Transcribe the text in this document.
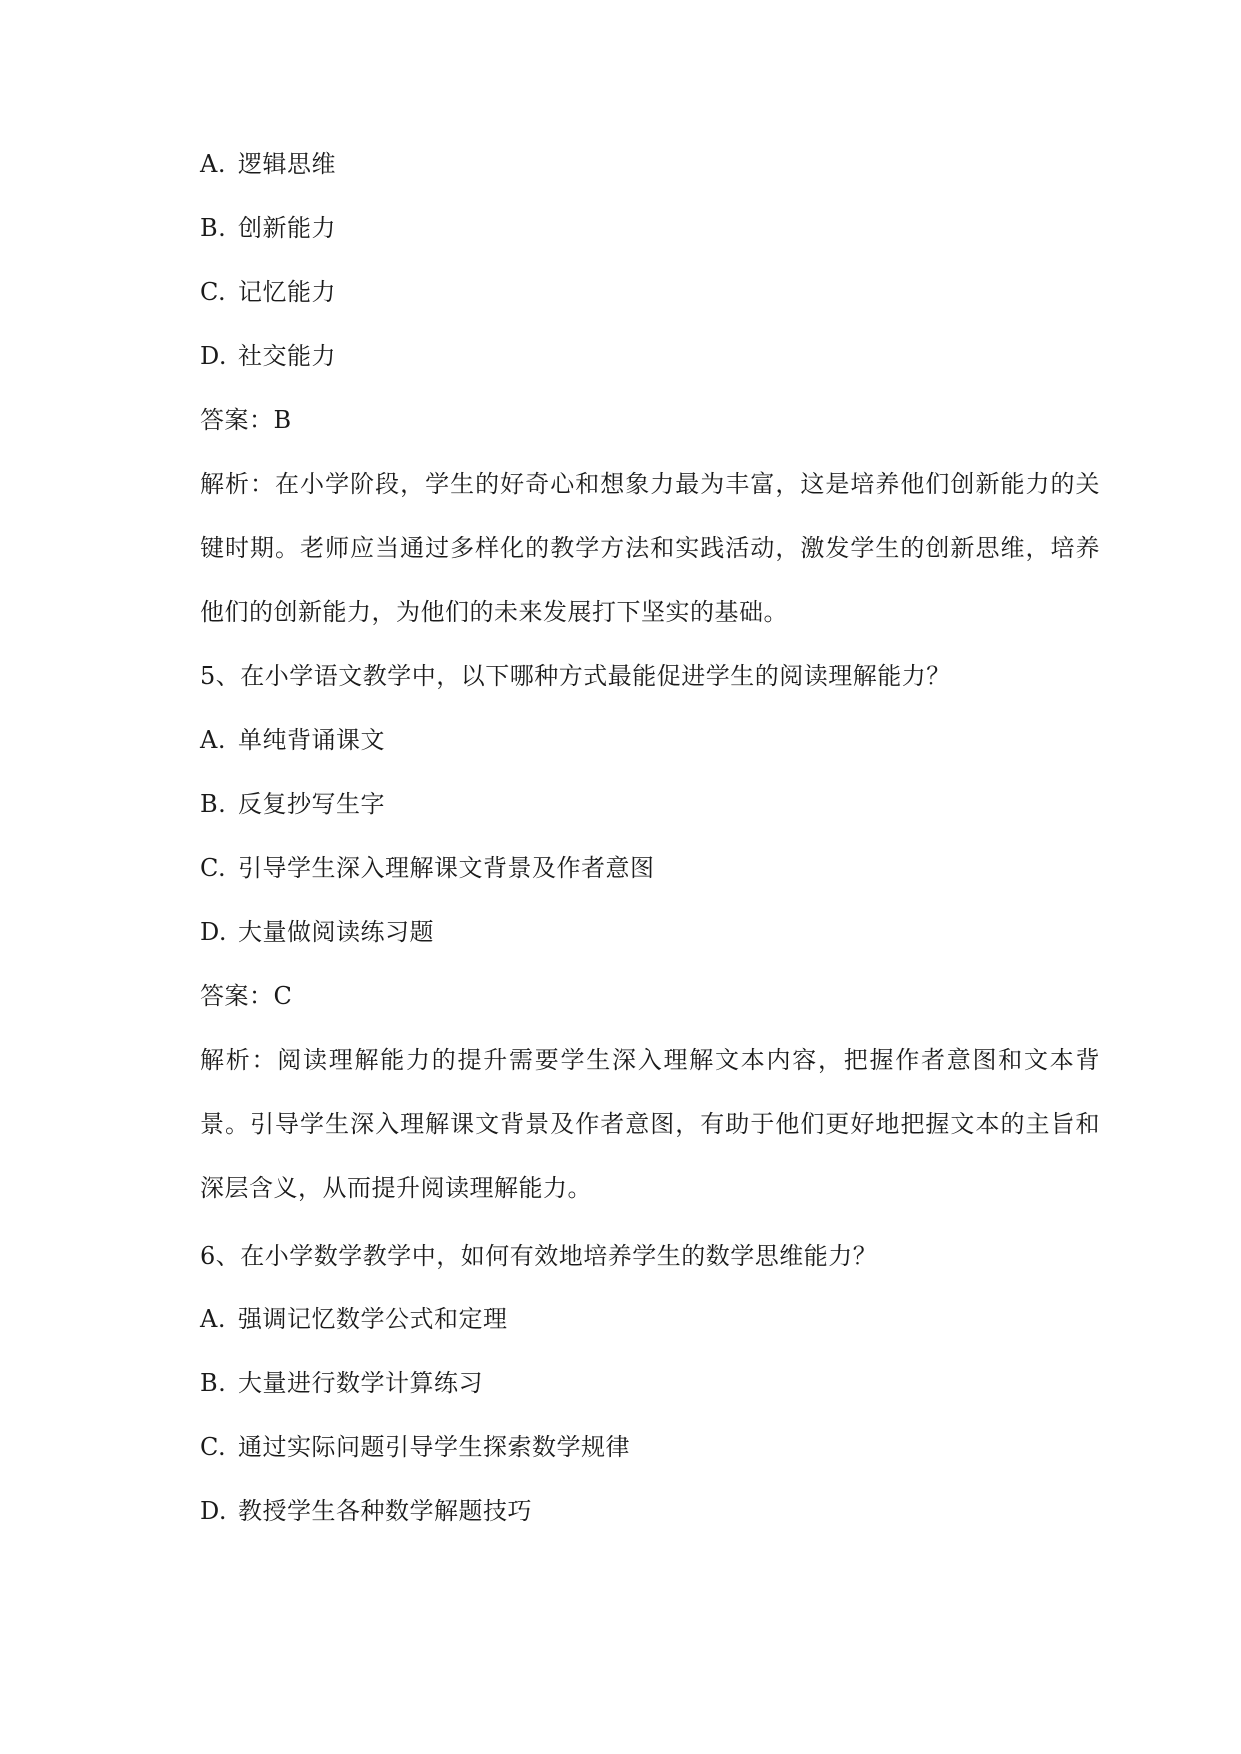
A. 逻辑思维
B. 创新能力
C. 记忆能力
D. 社交能力
答案：B
解析：在小学阶段，学生的好奇心和想象力最为丰富，这是培养他们创新能力的关键时期。老师应当通过多样化的教学方法和实践活动，激发学生的创新思维，培养他们的创新能力，为他们的未来发展打下坚实的基础。
5、在小学语文教学中，以下哪种方式最能促进学生的阅读理解能力？
A. 单纯背诵课文
B. 反复抄写生字
C. 引导学生深入理解课文背景及作者意图
D. 大量做阅读练习题
答案：C
解析：阅读理解能力的提升需要学生深入理解文本内容，把握作者意图和文本背景。引导学生深入理解课文背景及作者意图，有助于他们更好地把握文本的主旨和深层含义，从而提升阅读理解能力。
6、在小学数学教学中，如何有效地培养学生的数学思维能力？
A. 强调记忆数学公式和定理
B. 大量进行数学计算练习
C. 通过实际问题引导学生探索数学规律
D. 教授学生各种数学解题技巧
